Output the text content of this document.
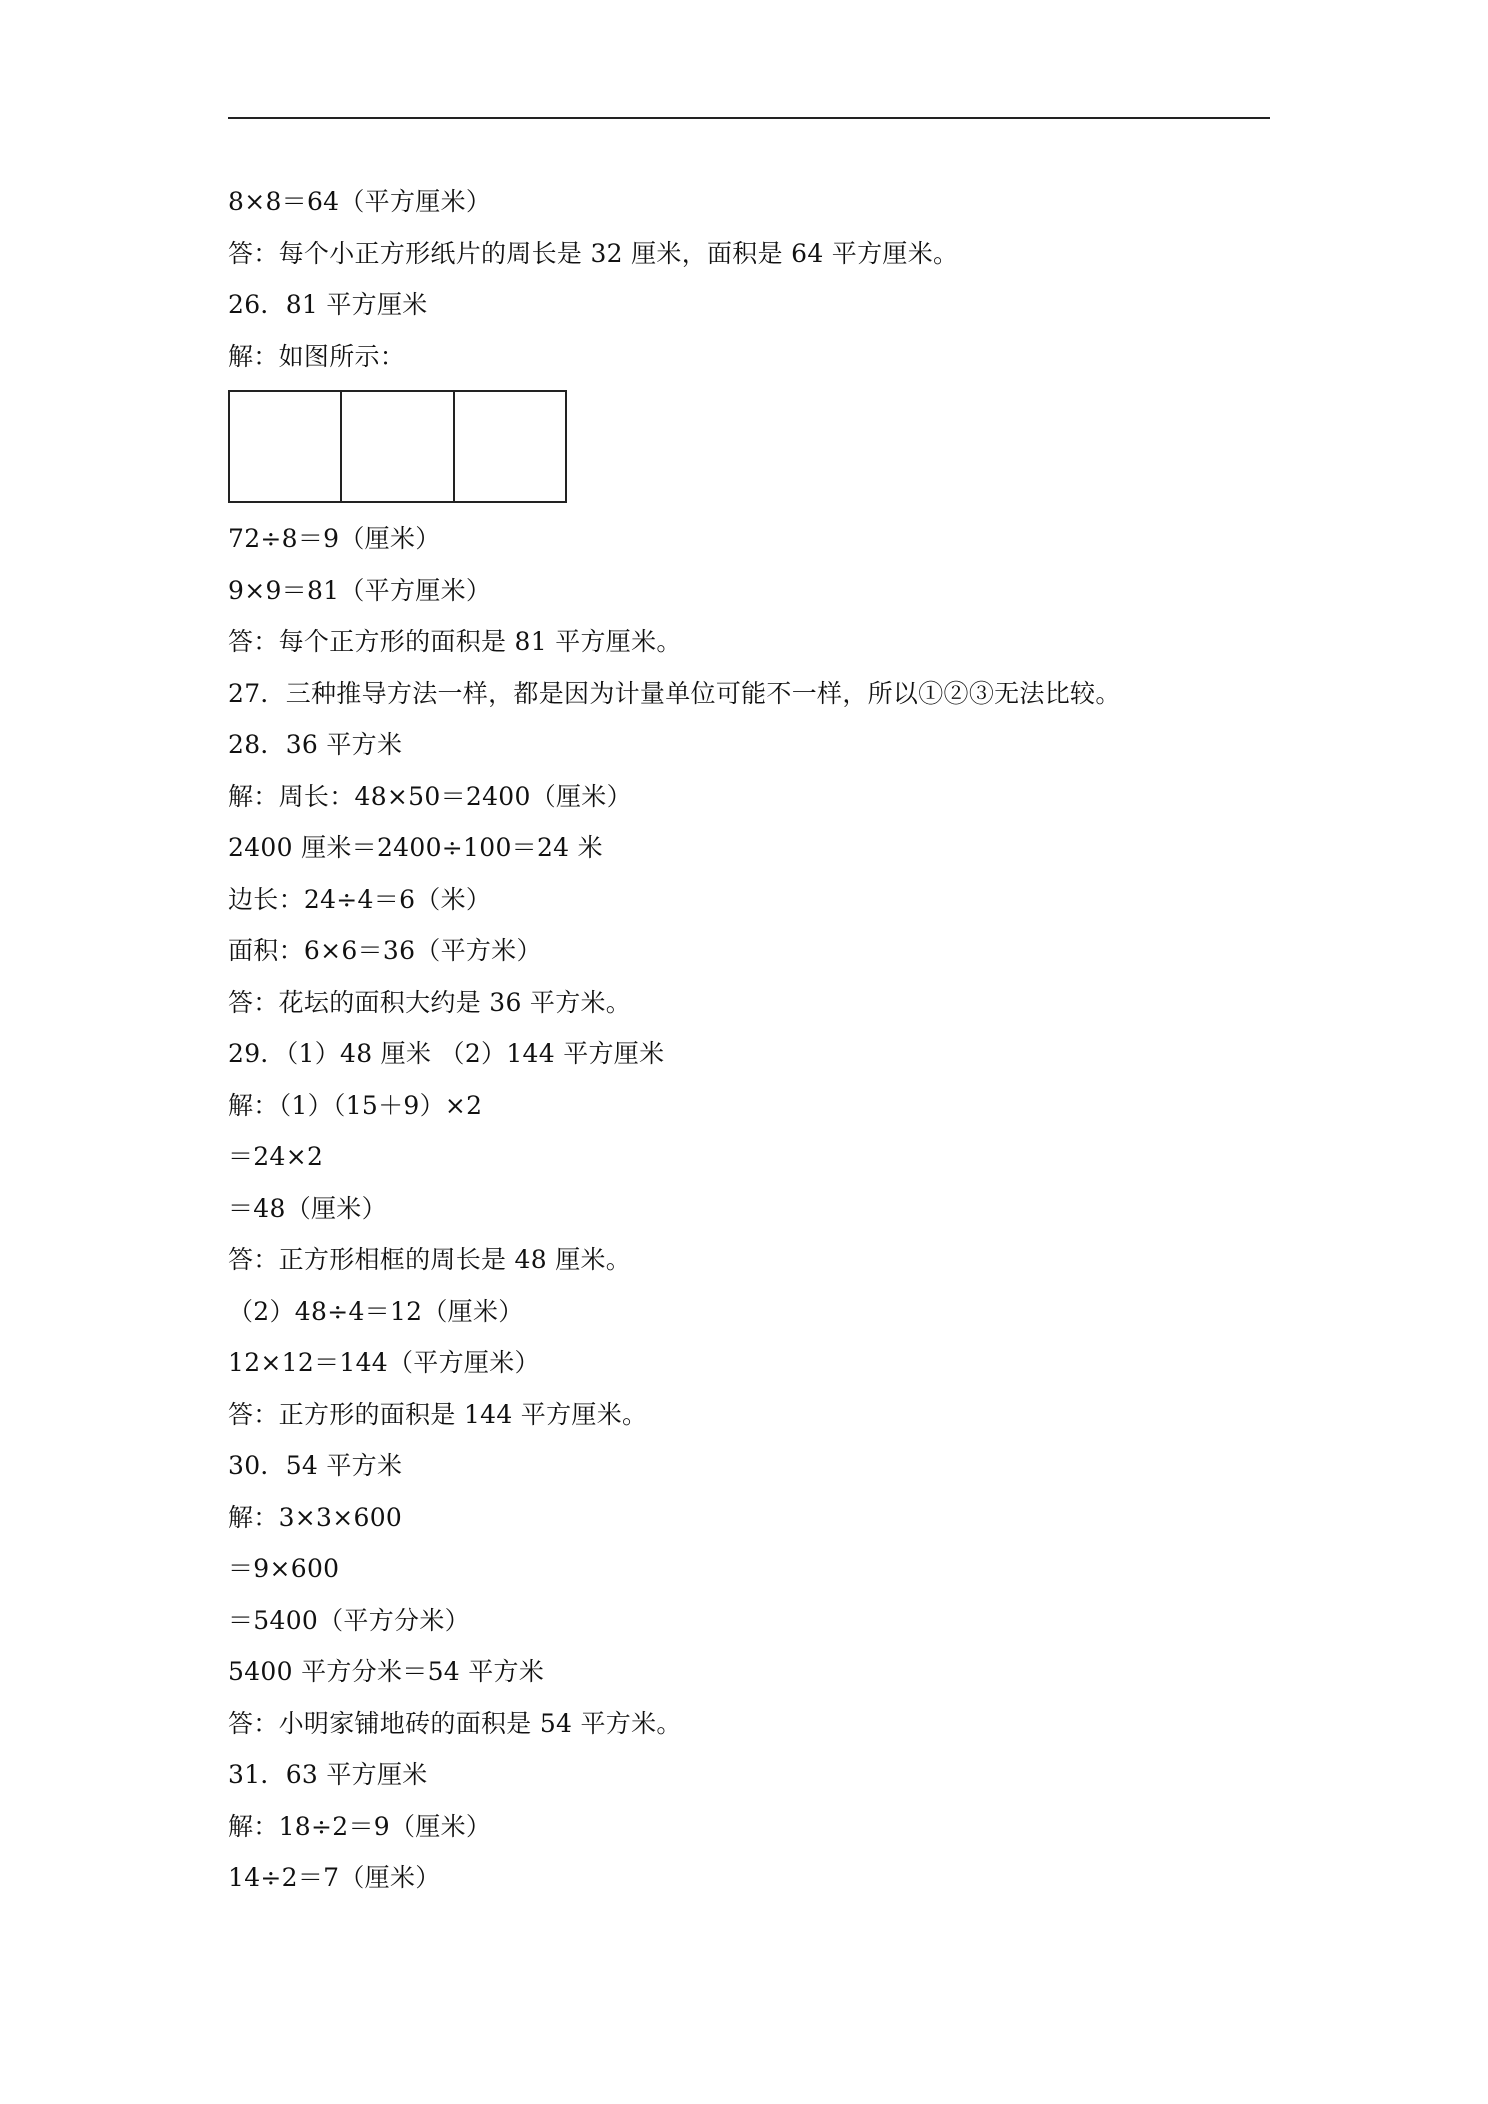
8×8＝64（平方厘米）
答：每个小正方形纸片的周长是 32 厘米，面积是 64 平方厘米。
26．81 平方厘米
解：如图所示：
72÷8＝9（厘米）
9×9＝81（平方厘米）
答：每个正方形的面积是 81 平方厘米。
27．三种推导方法一样，都是因为计量单位可能不一样，所以①②③无法比较。
28．36 平方米
解：周长：48×50＝2400（厘米）
2400 厘米＝2400÷100＝24 米
边长：24÷4＝6（米）
面积：6×6＝36（平方米）
答：花坛的面积大约是 36 平方米。
29．（1）48 厘米 （2）144 平方厘米
解：（1）（15＋9）×2
＝24×2
＝48（厘米）
答：正方形相框的周长是 48 厘米。
（2）48÷4＝12（厘米）
12×12＝144（平方厘米）
答：正方形的面积是 144 平方厘米。
30．54 平方米
解：3×3×600
＝9×600
＝5400（平方分米）
5400 平方分米＝54 平方米
答：小明家铺地砖的面积是 54 平方米。
31．63 平方厘米
解：18÷2＝9（厘米）
14÷2＝7（厘米）
